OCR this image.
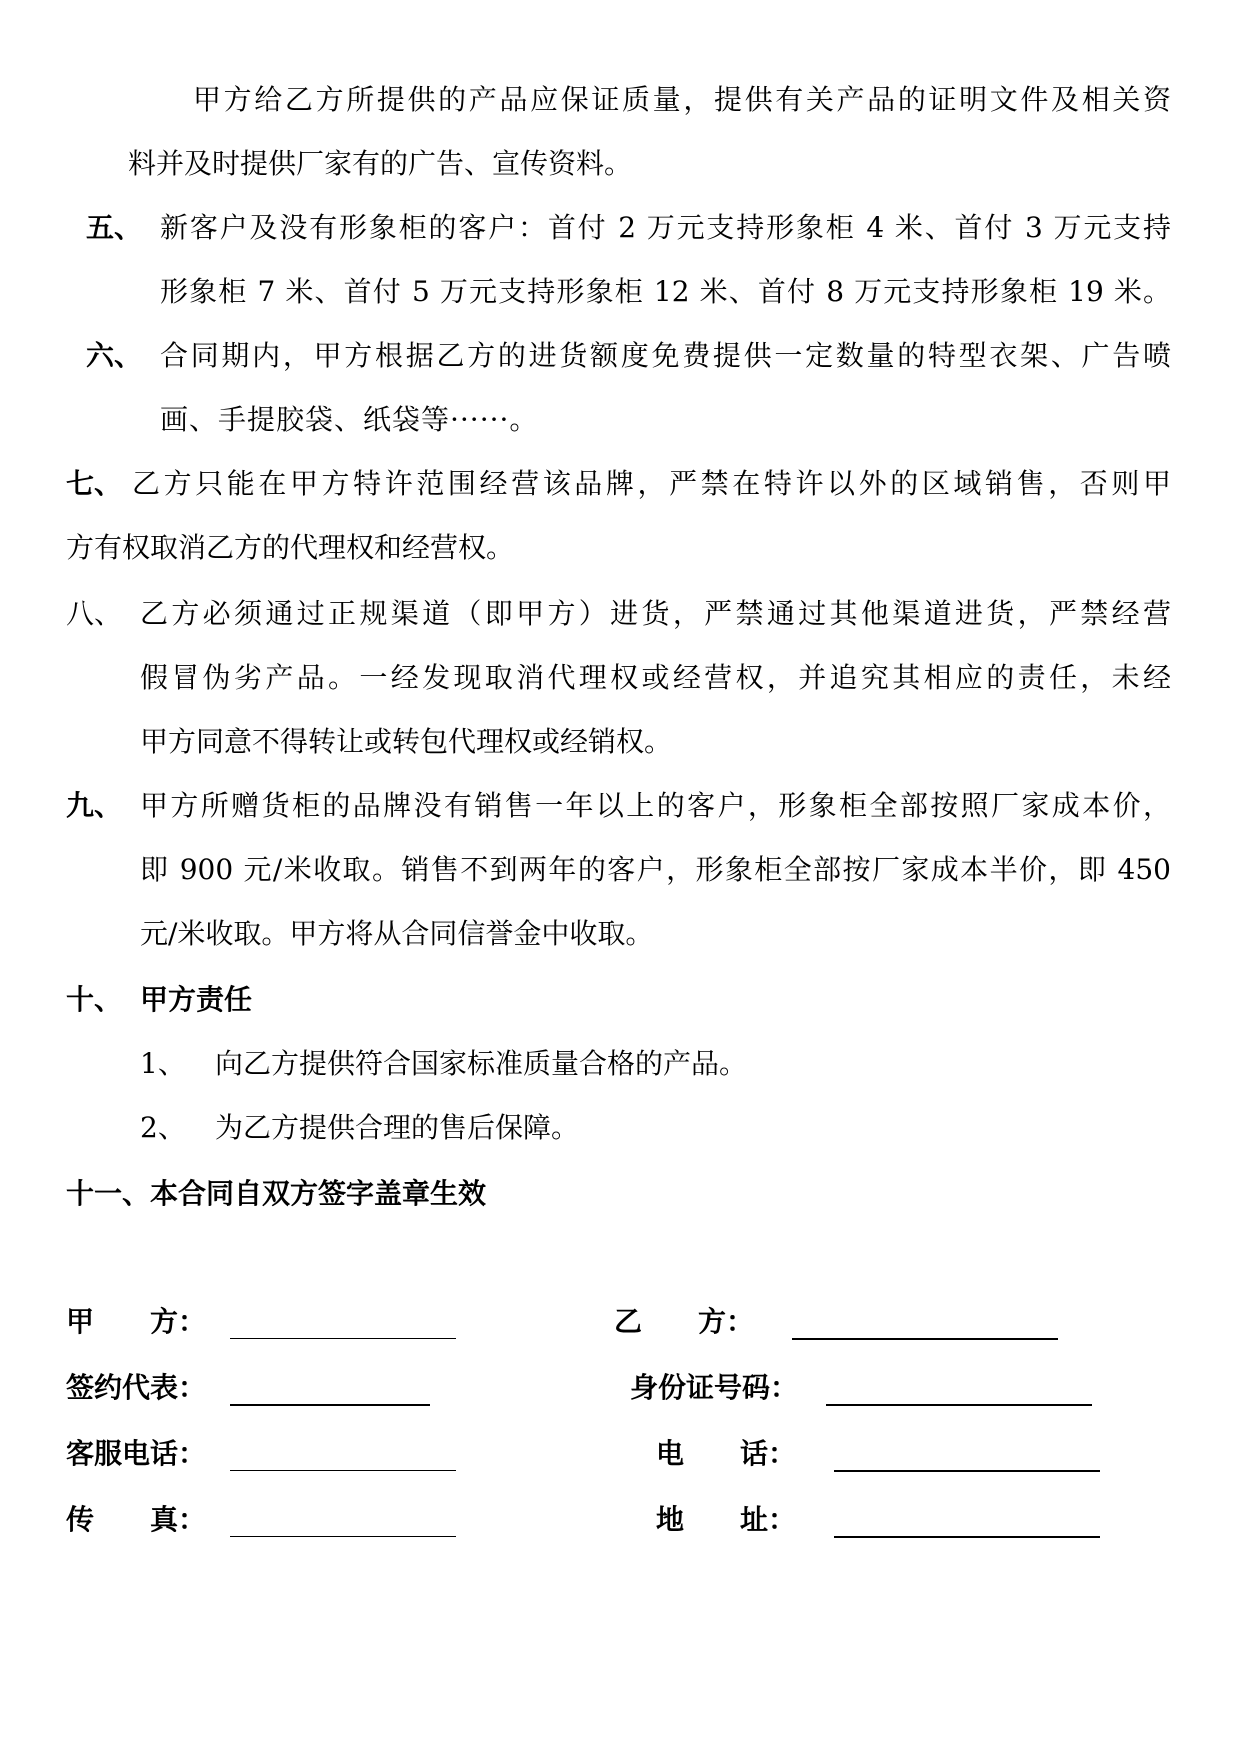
甲方给乙方所提供的产品应保证质量，提供有关产品的证明文件及相关资
料并及时提供厂家有的广告、宣传资料。
五、 新客户及没有形象柜的客户：首付 2 万元支持形象柜 4 米、首付 3 万元支持
形象柜 7 米、首付 5 万元支持形象柜 12 米、首付 8 万元支持形象柜 19 米。
六、 合同期内，甲方根据乙方的进货额度免费提供一定数量的特型衣架、广告喷
画、手提胶袋、纸袋等······。
七、 乙方只能在甲方特许范围经营该品牌，严禁在特许以外的区域销售，否则甲
方有权取消乙方的代理权和经营权。
八、 乙方必须通过正规渠道（即甲方）进货，严禁通过其他渠道进货，严禁经营
假冒伪劣产品。一经发现取消代理权或经营权，并追究其相应的责任，未经
甲方同意不得转让或转包代理权或经销权。
九、 甲方所赠货柜的品牌没有销售一年以上的客户，形象柜全部按照厂家成本价，
即 900 元/米收取。销售不到两年的客户，形象柜全部按厂家成本半价，即 450
元/米收取。甲方将从合同信誉金中收取。
十、 甲方责任
1、 向乙方提供符合国家标准质量合格的产品。
2、 为乙方提供合理的售后保障。
十一、本合同自双方签字盖章生效
甲　　方：	乙　　方：
签约代表：	身份证号码：
客服电话：	电　　话：
传　　真：	地　　址：
